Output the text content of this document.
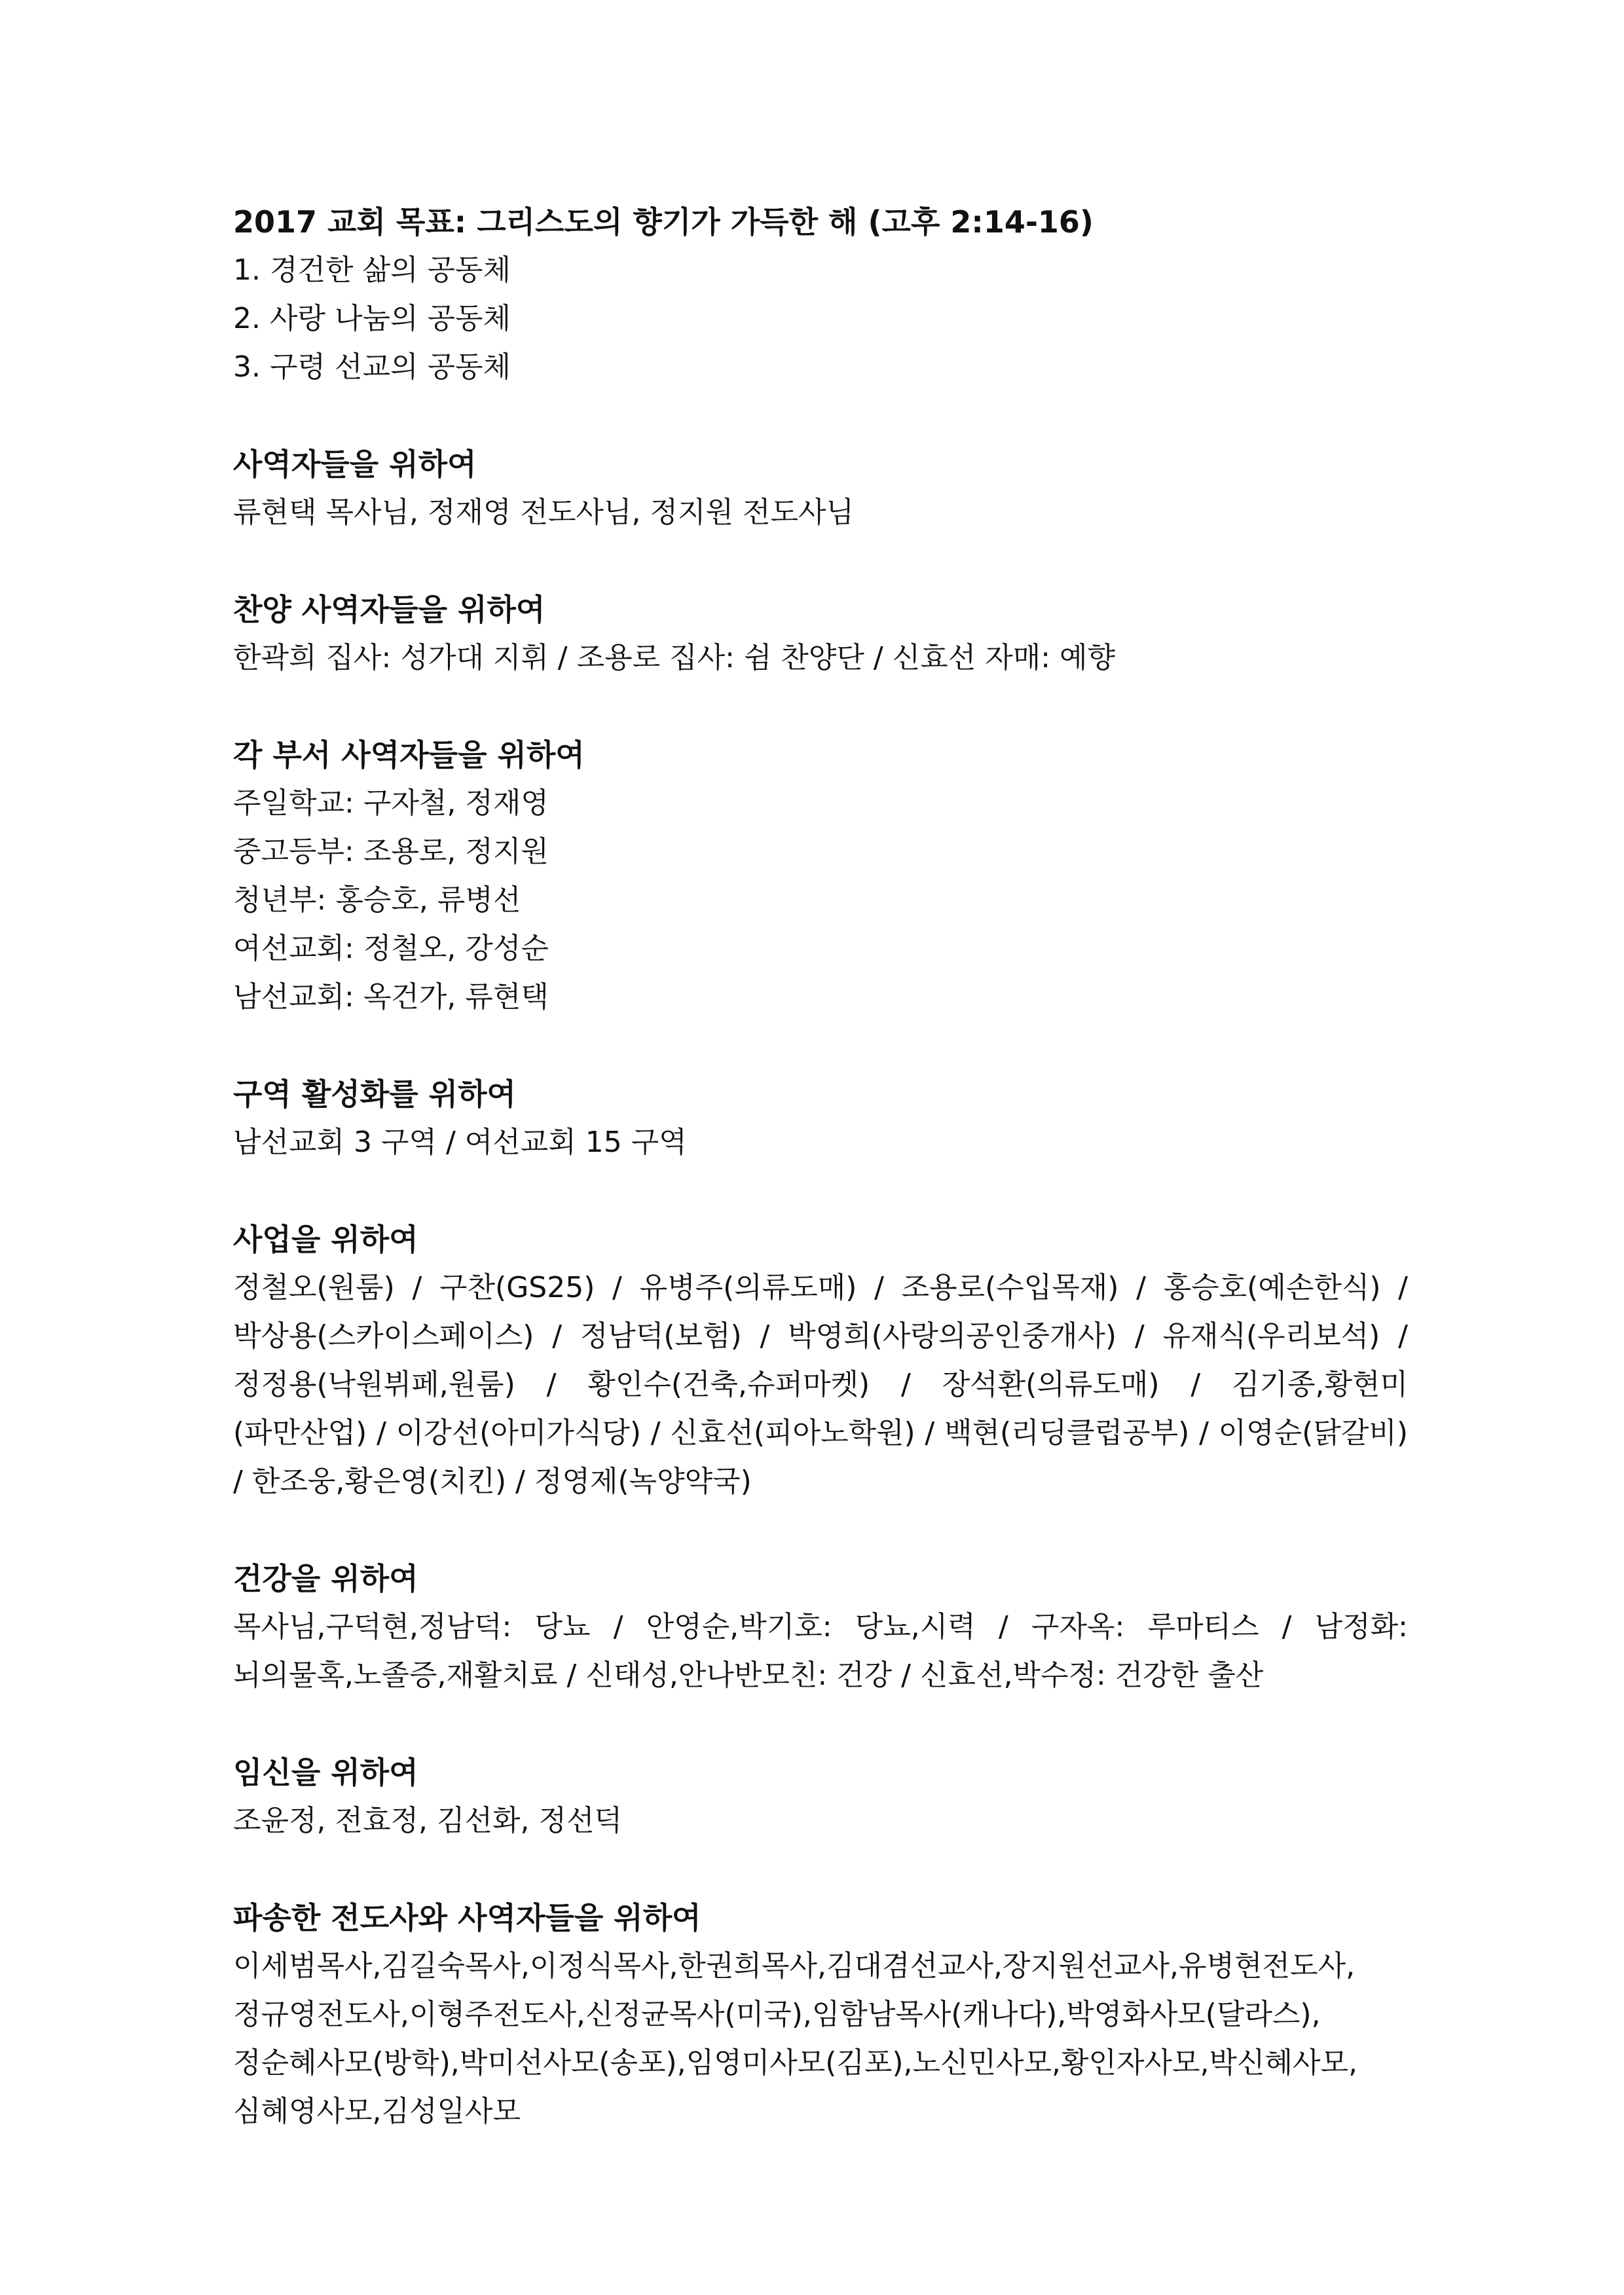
2017 교회 목표: 그리스도의 향기가 가득한 해 (고후 2:14-16)

1. 경건한 삶의 공동체

2. 사랑 나눔의 공동체

3. 구령 선교의 공동체

사역자들을 위하여

류현택 목사님, 정재영 전도사님, 정지원 전도사님

찬양 사역자들을 위하여

한곽희 집사: 성가대 지휘 / 조용로 집사: 쉼 찬양단 / 신효선 자매: 예향

각 부서 사역자들을 위하여

주일학교: 구자철, 정재영

중고등부: 조용로, 정지원

청년부: 홍승호, 류병선

여선교회: 정철오, 강성순

남선교회: 옥건가, 류현택

구역 활성화를 위하여

남선교회 3 구역 / 여선교회 15 구역

사업을 위하여

정철오(원룸) / 구찬(GS25) / 유병주(의류도매) / 조용로(수입목재) / 홍승호(예손한식) / 박상용(스카이스페이스) / 정남덕(보험) / 박영희(사랑의공인중개사) / 유재식(우리보석) / 정정용(낙원뷔페,원룸) / 황인수(건축,슈퍼마켓) / 장석환(의류도매) / 김기종,황현미(파만산업) / 이강선(아미가식당) / 신효선(피아노학원) / 백현(리딩클럽공부) / 이영순(닭갈비) / 한조웅,황은영(치킨) / 정영제(녹양약국)

건강을 위하여

목사님,구덕현,정남덕: 당뇨 / 안영순,박기호: 당뇨,시력 / 구자옥: 루마티스 / 남정화: 뇌의물혹,노졸증,재활치료 / 신태성,안나반모친: 건강 / 신효선,박수정: 건강한 출산

임신을 위하여

조윤정, 전효정, 김선화, 정선덕

파송한 전도사와 사역자들을 위하여

이세범목사,김길숙목사,이정식목사,한권희목사,김대겸선교사,장지원선교사,유병현전도사,정규영전도사,이형주전도사,신정균목사(미국),임함남목사(캐나다),박영화사모(달라스),정순혜사모(방학),박미선사모(송포),임영미사모(김포),노신민사모,황인자사모,박신혜사모,심혜영사모,김성일사모
